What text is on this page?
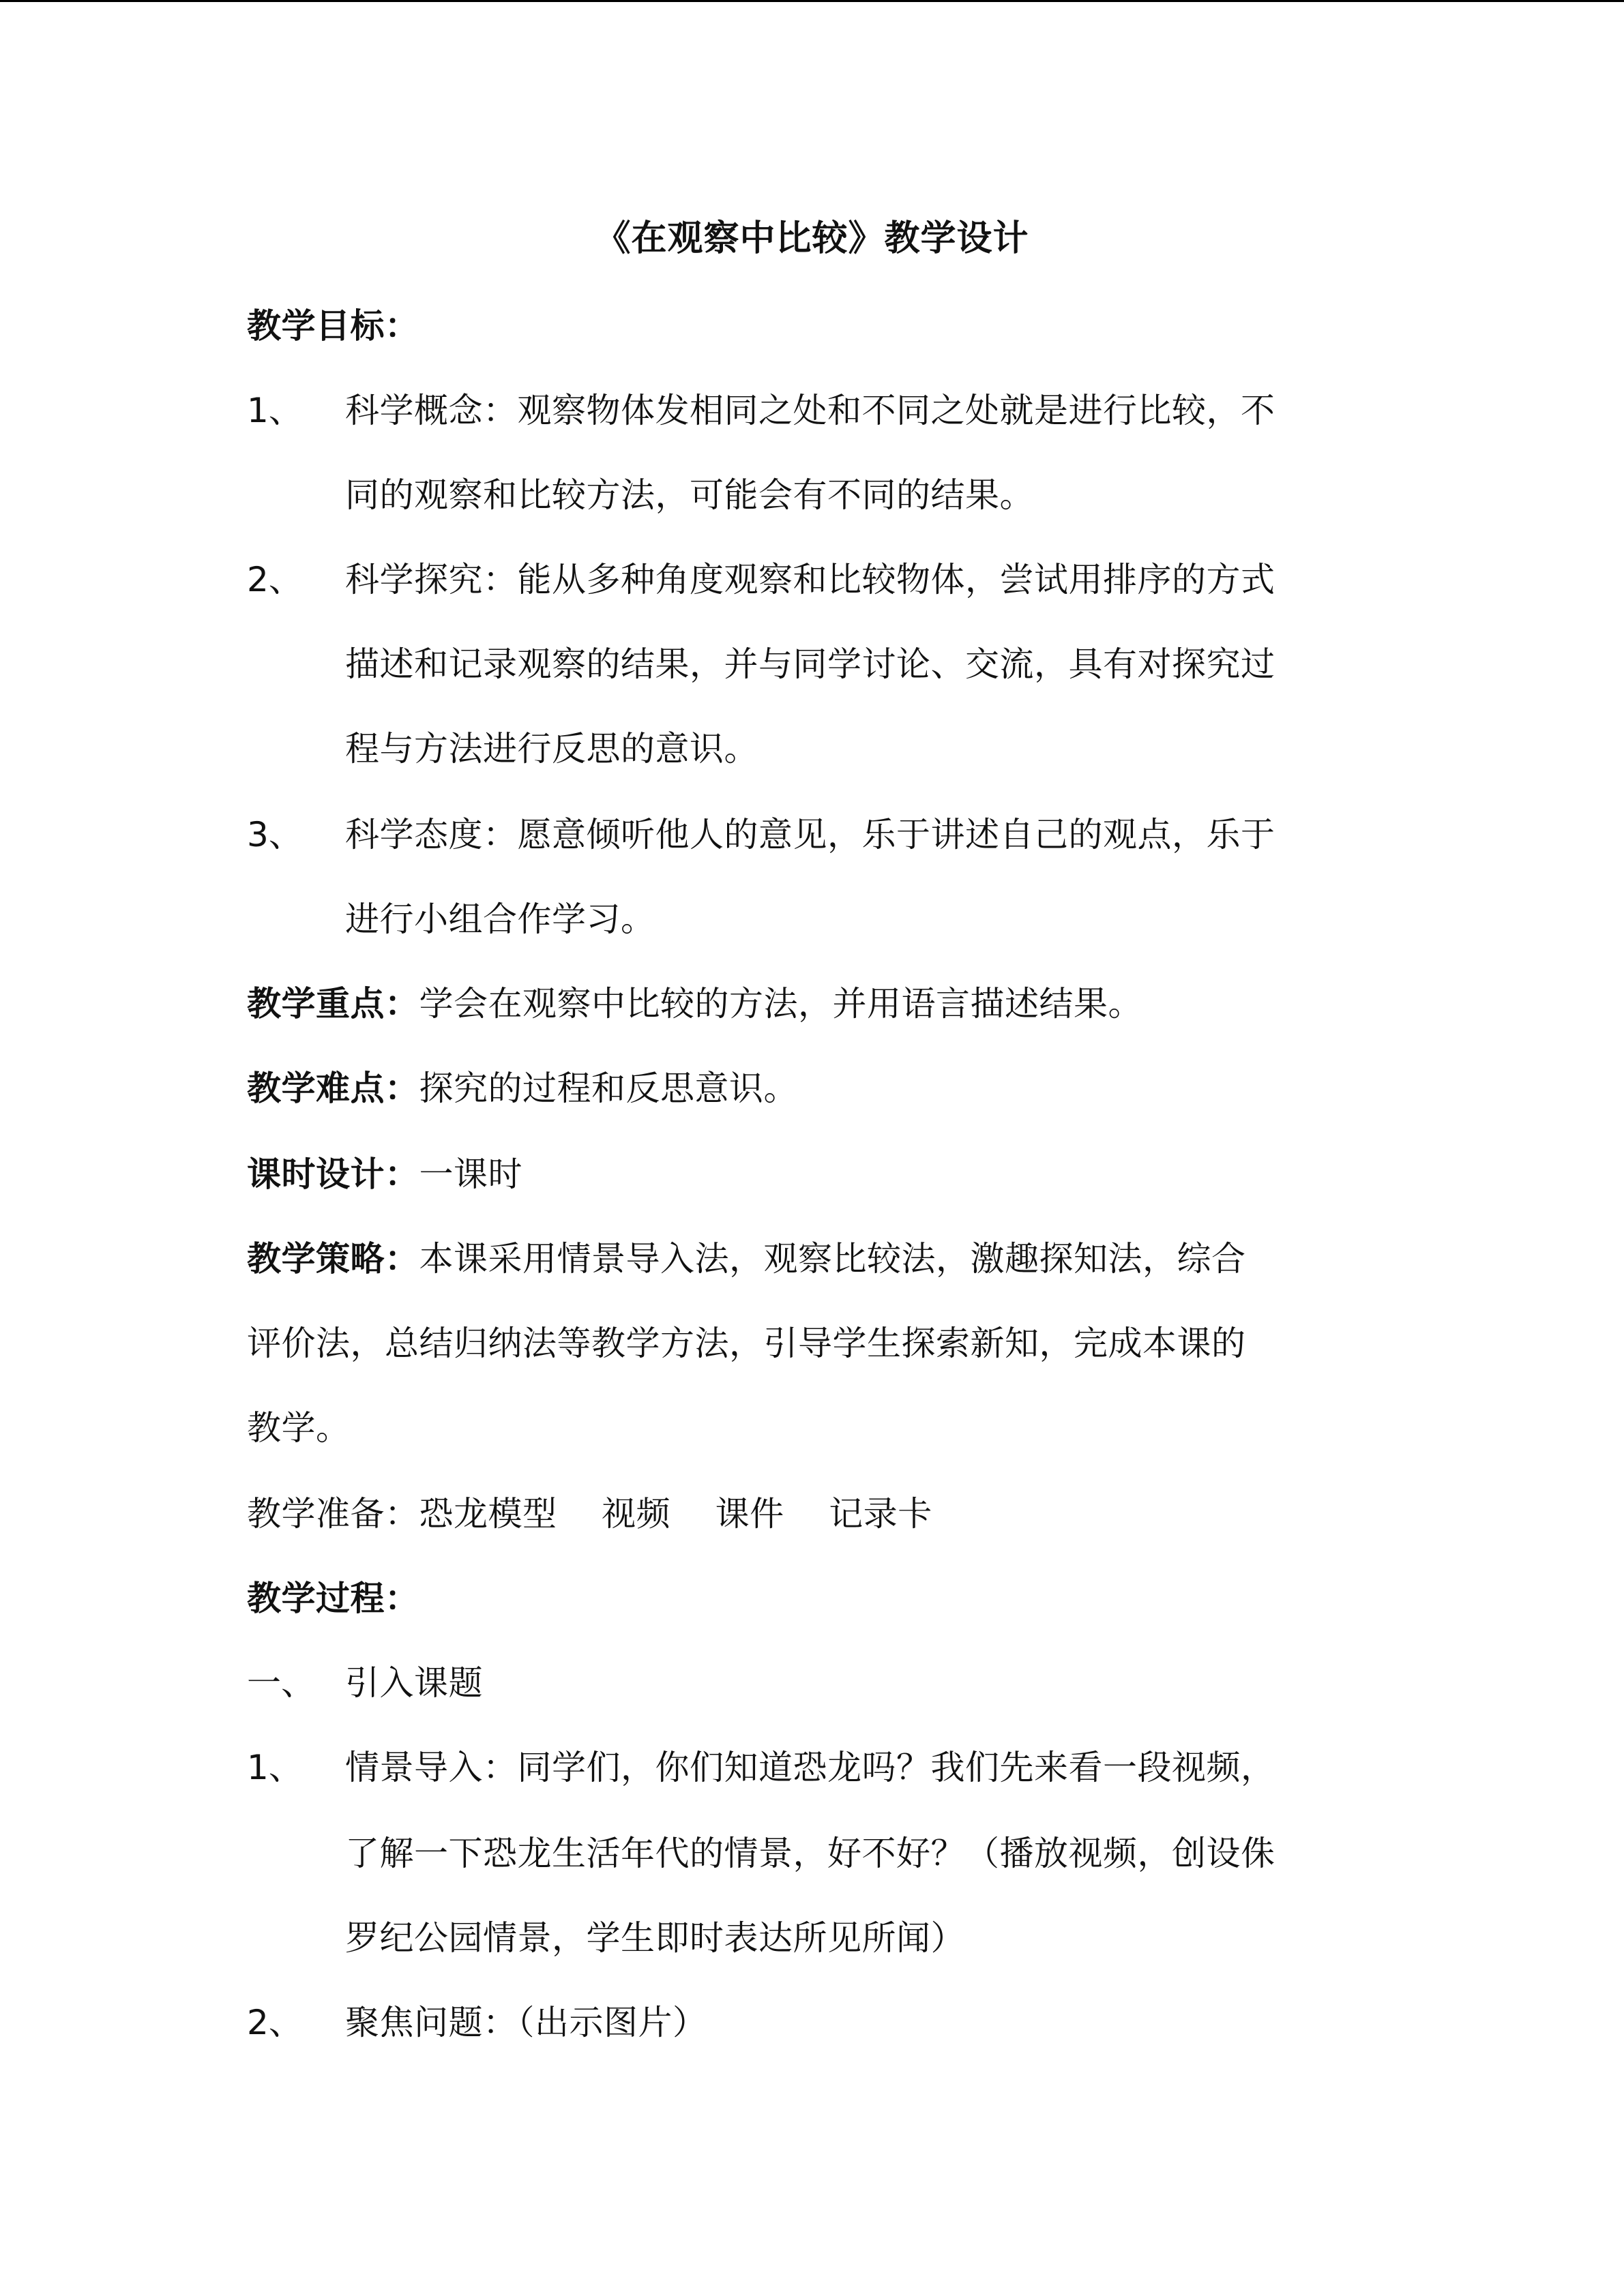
《在观察中比较》教学设计
教学目标：
1、 科学概念：观察物体发相同之处和不同之处就是进行比较，不
同的观察和比较方法，可能会有不同的结果。
2、 科学探究：能从多种角度观察和比较物体，尝试用排序的方式
描述和记录观察的结果，并与同学讨论、交流，具有对探究过
程与方法进行反思的意识。
3、 科学态度：愿意倾听他人的意见，乐于讲述自己的观点，乐于
进行小组合作学习。
教学重点：学会在观察中比较的方法，并用语言描述结果。
教学难点：探究的过程和反思意识。
课时设计：一课时
教学策略：本课采用情景导入法，观察比较法，激趣探知法，综合
评价法，总结归纳法等教学方法，引导学生探索新知，完成本课的
教学。
教学准备：恐龙模型    视频    课件    记录卡
教学过程：
一、 引入课题
1、 情景导入：同学们，你们知道恐龙吗？我们先来看一段视频，
了解一下恐龙生活年代的情景，好不好？（播放视频，创设侏
罗纪公园情景，学生即时表达所见所闻）
2、 聚焦问题：（出示图片）
